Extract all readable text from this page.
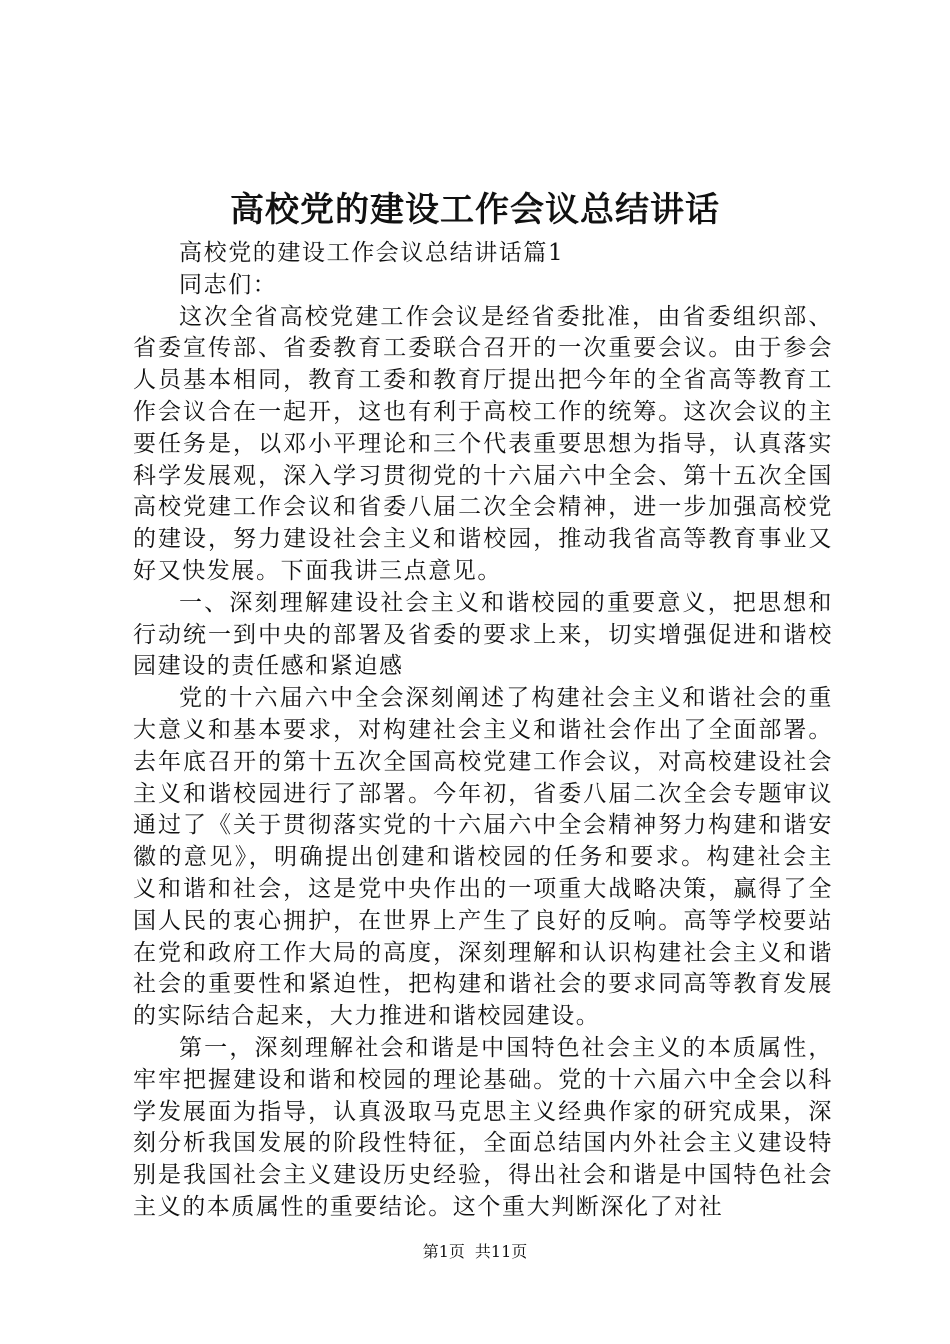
高校党的建设工作会议总结讲话

高校党的建设工作会议总结讲话篇1

同志们：

这次全省高校党建工作会议是经省委批准，由省委组织部、省委宣传部、省委教育工委联合召开的一次重要会议。由于参会人员基本相同，教育工委和教育厅提出把今年的全省高等教育工作会议合在一起开，这也有利于高校工作的统筹。这次会议的主要任务是，以邓小平理论和三个代表重要思想为指导，认真落实科学发展观，深入学习贯彻党的十六届六中全会、第十五次全国高校党建工作会议和省委八届二次全会精神，进一步加强高校党的建设，努力建设社会主义和谐校园，推动我省高等教育事业又好又快发展。下面我讲三点意见。

一、深刻理解建设社会主义和谐校园的重要意义，把思想和行动统一到中央的部署及省委的要求上来，切实增强促进和谐校园建设的责任感和紧迫感

党的十六届六中全会深刻阐述了构建社会主义和谐社会的重大意义和基本要求，对构建社会主义和谐社会作出了全面部署。去年底召开的第十五次全国高校党建工作会议，对高校建设社会主义和谐校园进行了部署。今年初，省委八届二次全会专题审议通过了《关于贯彻落实党的十六届六中全会精神努力构建和谐安徽的意见》，明确提出创建和谐校园的任务和要求。构建社会主义和谐和社会，这是党中央作出的一项重大战略决策，赢得了全国人民的衷心拥护，在世界上产生了良好的反响。高等学校要站在党和政府工作大局的高度，深刻理解和认识构建社会主义和谐社会的重要性和紧迫性，把构建和谐社会的要求同高等教育发展的实际结合起来，大力推进和谐校园建设。

第一，深刻理解社会和谐是中国特色社会主义的本质属性，牢牢把握建设和谐和校园的理论基础。党的十六届六中全会以科学发展面为指导，认真汲取马克思主义经典作家的研究成果，深刻分析我国发展的阶段性特征，全面总结国内外社会主义建设特别是我国社会主义建设历史经验，得出社会和谐是中国特色社会主义的本质属性的重要结论。这个重大判断深化了对社

第1页 共11页
